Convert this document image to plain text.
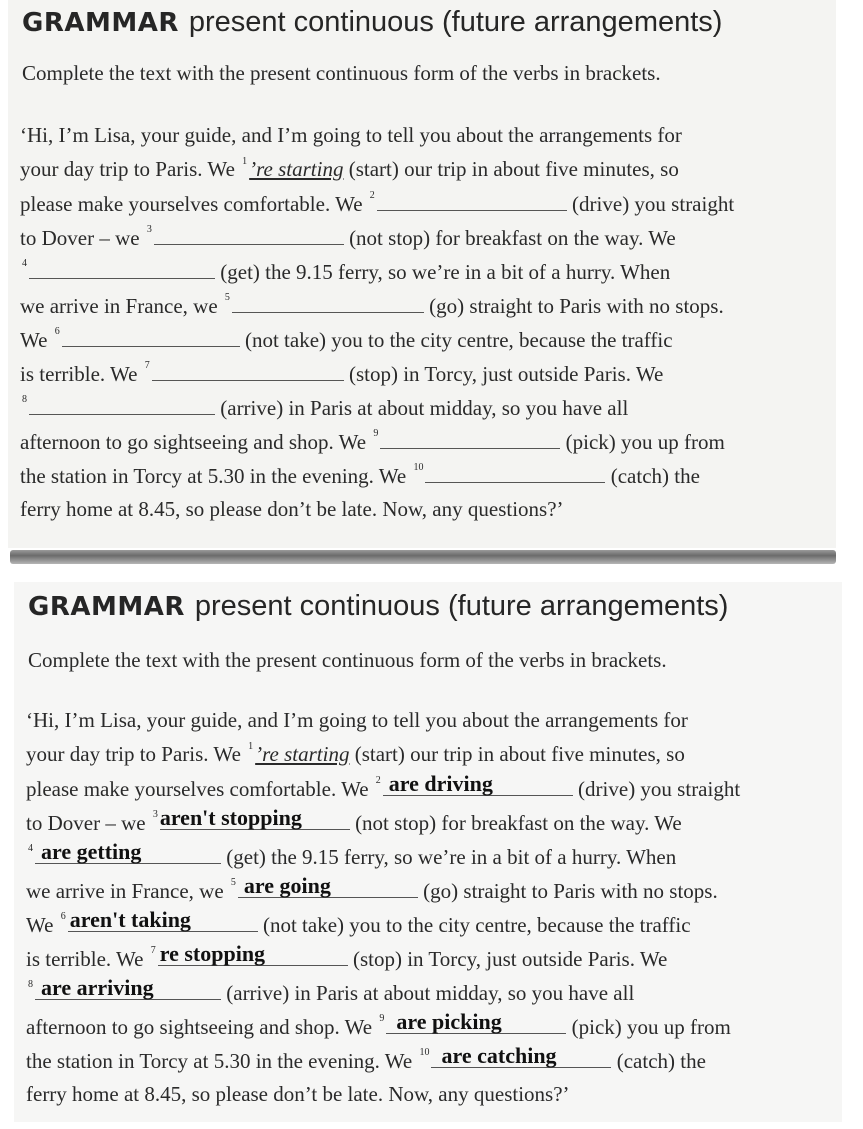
GRAMMAR present continuous (future arrangements)
Complete the text with the present continuous form of the verbs in brackets.
‘Hi, I’m Lisa, your guide, and I’m going to tell you about the arrangements for
your day trip to Paris. We $^1$’re starting (start) our trip in about five minutes, so
please make yourselves comfortable. We $^2$	(drive) you straight
to Dover – we $^3$	(not stop) for breakfast on the way. We
$^4$	(get) the 9.15 ferry, so we’re in a bit of a hurry. When
we arrive in France, we $^5$	(go) straight to Paris with no stops.
We $^6$	(not take) you to the city centre, because the traffic
is terrible. We $^7$	(stop) in Torcy, just outside Paris. We
$^8$	(arrive) in Paris at about midday, so you have all
afternoon to go sightseeing and shop. We $^9$	(pick) you up from
the station in Torcy at 5.30 in the evening. We $^{10}$	(catch) the
ferry home at 8.45, so please don’t be late. Now, any questions?’
GRAMMAR present continuous (future arrangements)
Complete the text with the present continuous form of the verbs in brackets.
‘Hi, I’m Lisa, your guide, and I’m going to tell you about the arrangements for
your day trip to Paris. We $^1$’re starting (start) our trip in about five minutes, so
please make yourselves comfortable. We $^2$ are driving	(drive) you straight
to Dover – we $^3$ aren't stopping	(not stop) for breakfast on the way. We
$^4$ are getting	(get) the 9.15 ferry, so we’re in a bit of a hurry. When
we arrive in France, we $^5$ are going	(go) straight to Paris with no stops.
We $^6$ aren't taking	(not take) you to the city centre, because the traffic
is terrible. We $^7$ re stopping	(stop) in Torcy, just outside Paris. We
$^8$ are arriving	(arrive) in Paris at about midday, so you have all
afternoon to go sightseeing and shop. We $^9$ are picking	(pick) you up from
the station in Torcy at 5.30 in the evening. We $^{10}$ are catching	(catch) the
ferry home at 8.45, so please don’t be late. Now, any questions?’
